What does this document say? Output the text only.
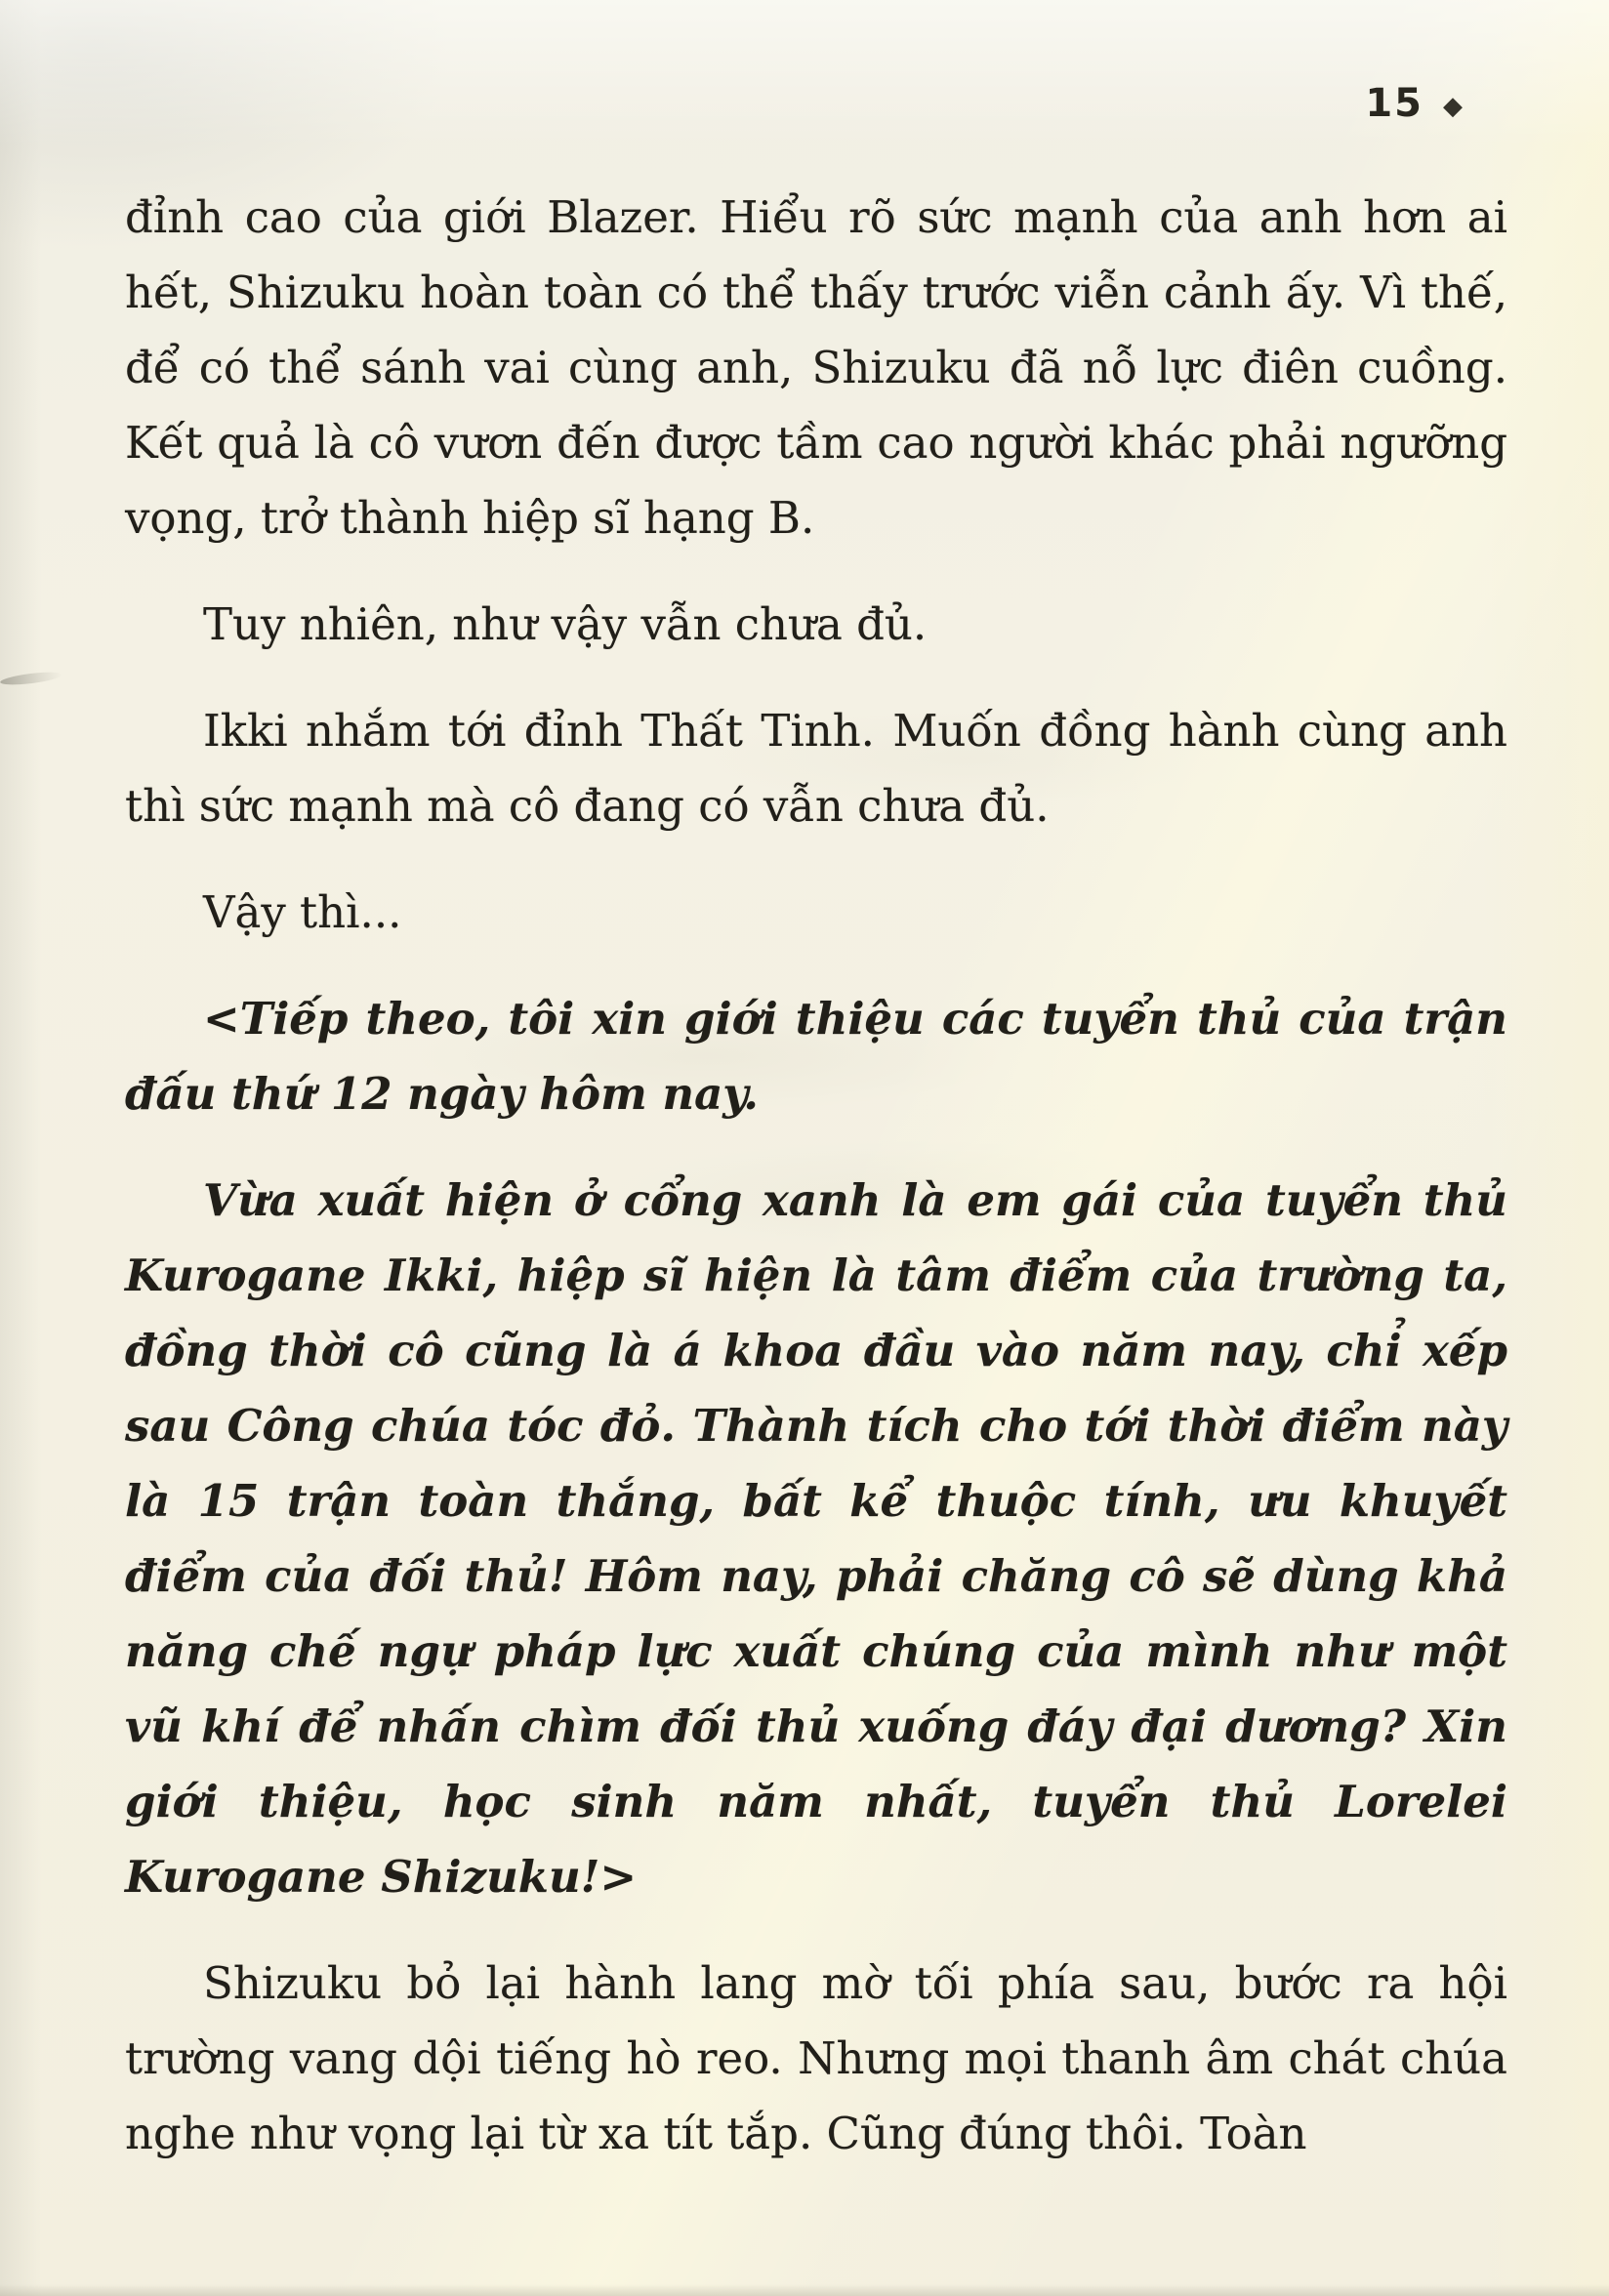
15 ◆

đỉnh cao của giới Blazer. Hiểu rõ sức mạnh của anh hơn ai hết, Shizuku hoàn toàn có thể thấy trước viễn cảnh ấy. Vì thế, để có thể sánh vai cùng anh, Shizuku đã nỗ lực điên cuồng. Kết quả là cô vươn đến được tầm cao người khác phải ngưỡng vọng, trở thành hiệp sĩ hạng B.

Tuy nhiên, như vậy vẫn chưa đủ.

Ikki nhắm tới đỉnh Thất Tinh. Muốn đồng hành cùng anh thì sức mạnh mà cô đang có vẫn chưa đủ.

Vậy thì...

<Tiếp theo, tôi xin giới thiệu các tuyển thủ của trận đấu thứ 12 ngày hôm nay.

Vừa xuất hiện ở cổng xanh là em gái của tuyển thủ Kurogane Ikki, hiệp sĩ hiện là tâm điểm của trường ta, đồng thời cô cũng là á khoa đầu vào năm nay, chỉ xếp sau Công chúa tóc đỏ. Thành tích cho tới thời điểm này là 15 trận toàn thắng, bất kể thuộc tính, ưu khuyết điểm của đối thủ! Hôm nay, phải chăng cô sẽ dùng khả năng chế ngự pháp lực xuất chúng của mình như một vũ khí để nhấn chìm đối thủ xuống đáy đại dương? Xin giới thiệu, học sinh năm nhất, tuyển thủ Lorelei Kurogane Shizuku!>

Shizuku bỏ lại hành lang mờ tối phía sau, bước ra hội trường vang dội tiếng hò reo. Nhưng mọi thanh âm chát chúa nghe như vọng lại từ xa tít tắp. Cũng đúng thôi. Toàn
